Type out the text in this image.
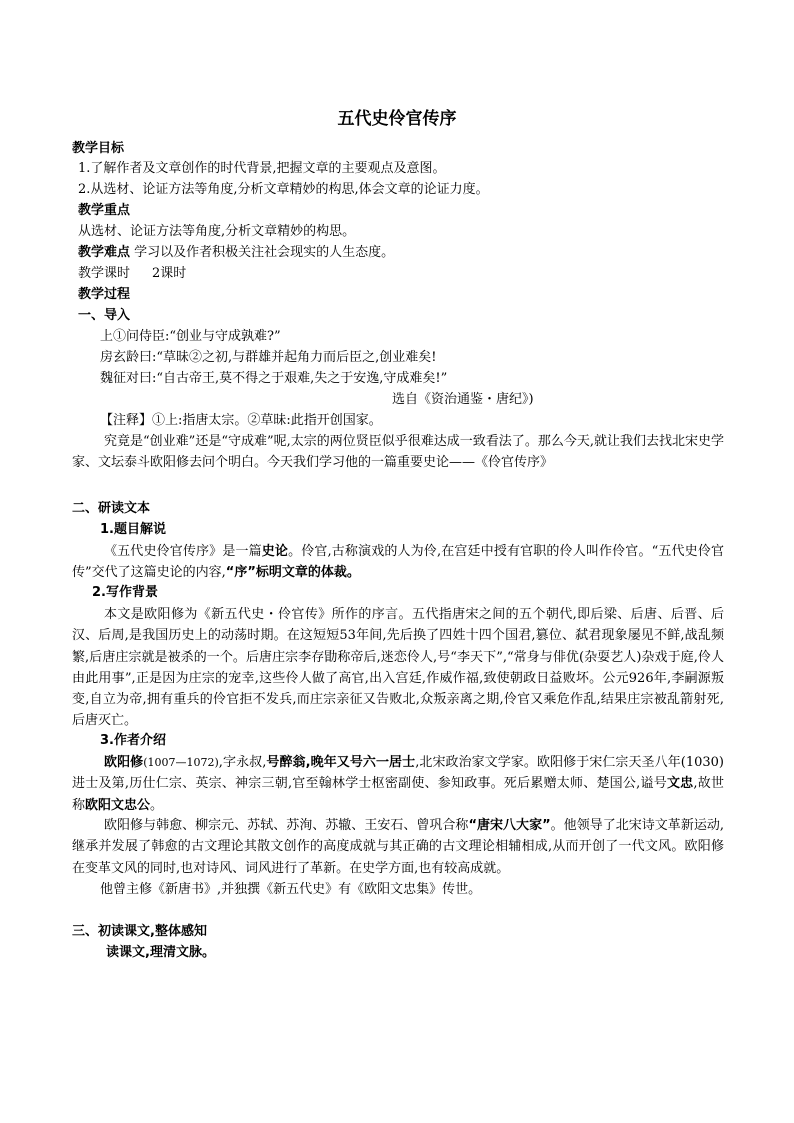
五代史伶官传序
教学目标
1.了解作者及文章创作的时代背景,把握文章的主要观点及意图。
2.从选材、论证方法等角度,分析文章精妙的构思,体会文章的论证力度。
教学重点
从选材、论证方法等角度,分析文章精妙的构思。
教学难点 学习以及作者积极关注社会现实的人生态度。
教学课时 2课时
教学过程
一、导入
上①问侍臣:“创业与守成孰难?”
房玄龄曰:“草昧②之初,与群雄并起角力而后臣之,创业难矣!
魏征对曰:“自古帝王,莫不得之于艰难,失之于安逸,守成难矣!”
选自《资治通鉴・唐纪》)
【注释】①上:指唐太宗。②草昧:此指开创国家。
究竟是“创业难”还是“守成难”呢,太宗的两位贤臣似乎很难达成一致看法了。那么今天,就让我们去找北宋史学家、文坛泰斗欧阳修去问个明白。今天我们学习他的一篇重要史论——《伶官传序》
二、研读文本
1.题目解说
《五代史伶官传序》是一篇史论。伶官,古称演戏的人为伶,在宫廷中授有官职的伶人叫作伶官。“五代史伶官传”交代了这篇史论的内容,“序”标明文章的体裁。
2.写作背景
本文是欧阳修为《新五代史・伶官传》所作的序言。五代指唐宋之间的五个朝代,即后梁、后唐、后晋、后汉、后周,是我国历史上的动荡时期。在这短短53年间,先后换了四姓十四个国君,篡位、弑君现象屡见不鲜,战乱频繁,后唐庄宗就是被杀的一个。后唐庄宗李存勖称帝后,迷恋伶人,号“李天下”,“常身与俳优(杂耍艺人)杂戏于庭,伶人由此用事”,正是因为庄宗的宠幸,这些伶人做了高官,出入宫廷,作威作福,致使朝政日益败坏。公元926年,李嗣源叛变,自立为帝,拥有重兵的伶官拒不发兵,而庄宗亲征又告败北,众叛亲离之期,伶官又乘危作乱,结果庄宗被乱箭射死,后唐灭亡。
3.作者介绍
欧阳修(1007—1072),字永叔,号醉翁,晚年又号六一居士,北宋政治家文学家。欧阳修于宋仁宗天圣八年(1030)进士及第,历仕仁宗、英宗、神宗三朝,官至翰林学士枢密副使、参知政事。死后累赠太师、楚国公,谥号文忠,故世称欧阳文忠公。
欧阳修与韩愈、柳宗元、苏轼、苏洵、苏辙、王安石、曾巩合称“唐宋八大家”。他领导了北宋诗文革新运动,继承并发展了韩愈的古文理论其散文创作的高度成就与其正确的古文理论相辅相成,从而开创了一代文风。欧阳修在变革文风的同时,也对诗风、词风进行了革新。在史学方面,也有较高成就。
他曾主修《新唐书》,并独撰《新五代史》有《欧阳文忠集》传世。
三、初读课文,整体感知
读课文,理清文脉。
